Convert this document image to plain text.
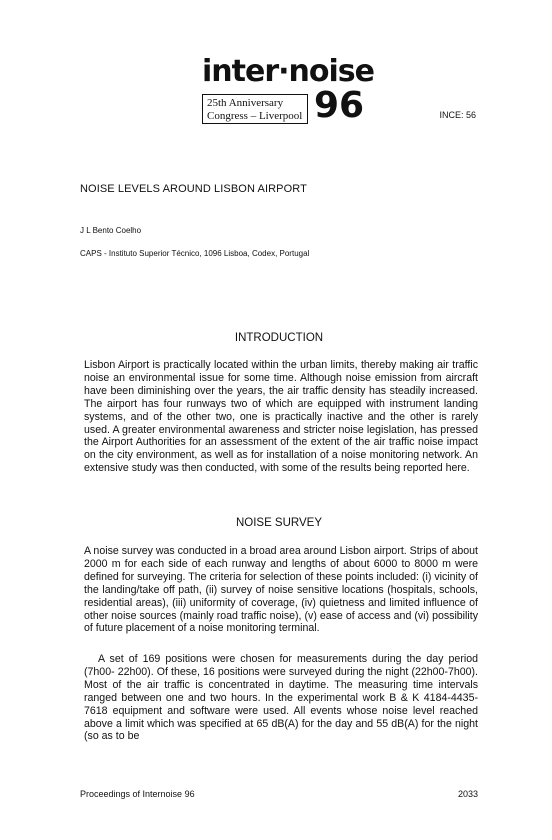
inter·noise
25th Anniversary
Congress – Liverpool 96	INCE: 56
NOISE LEVELS AROUND LISBON AIRPORT
J L Bento Coelho
CAPS - Instituto Superior Técnico, 1096 Lisboa, Codex, Portugal
INTRODUCTION

Lisbon Airport is practically located within the urban limits, thereby making air traffic noise an environmental issue for some time. Although noise emission from aircraft have been diminishing over the years, the air traffic density has steadily increased. The airport has four runways two of which are equipped with instrument landing systems, and of the other two, one is practically inactive and the other is rarely used. A greater environmental awareness and stricter noise legislation, has pressed the Airport Authorities for an assessment of the extent of the air traffic noise impact on the city environment, as well as for installation of a noise monitoring network. An extensive study was then conducted, with some of the results being reported here.

NOISE SURVEY

A noise survey was conducted in a broad area around Lisbon airport. Strips of about 2000 m for each side of each runway and lengths of about 6000 to 8000 m were defined for surveying. The criteria for selection of these points included: (i) vicinity of the landing/take off path, (ii) survey of noise sensitive locations (hospitals, schools, residential areas), (iii) uniformity of coverage, (iv) quietness and limited influence of other noise sources (mainly road traffic noise), (v) ease of access and (vi) possibility of future placement of a noise monitoring terminal.

A set of 169 positions were chosen for measurements during the day period (7h00- 22h00). Of these, 16 positions were surveyed during the night (22h00-7h00). Most of the air traffic is concentrated in daytime. The measuring time intervals ranged between one and two hours. In the experimental work B & K 4184-4435-7618 equipment and software were used. All events whose noise level reached above a limit which was specified at 65 dB(A) for the day and 55 dB(A) for the night (so as to be

Proceedings of Internoise 96	2033
